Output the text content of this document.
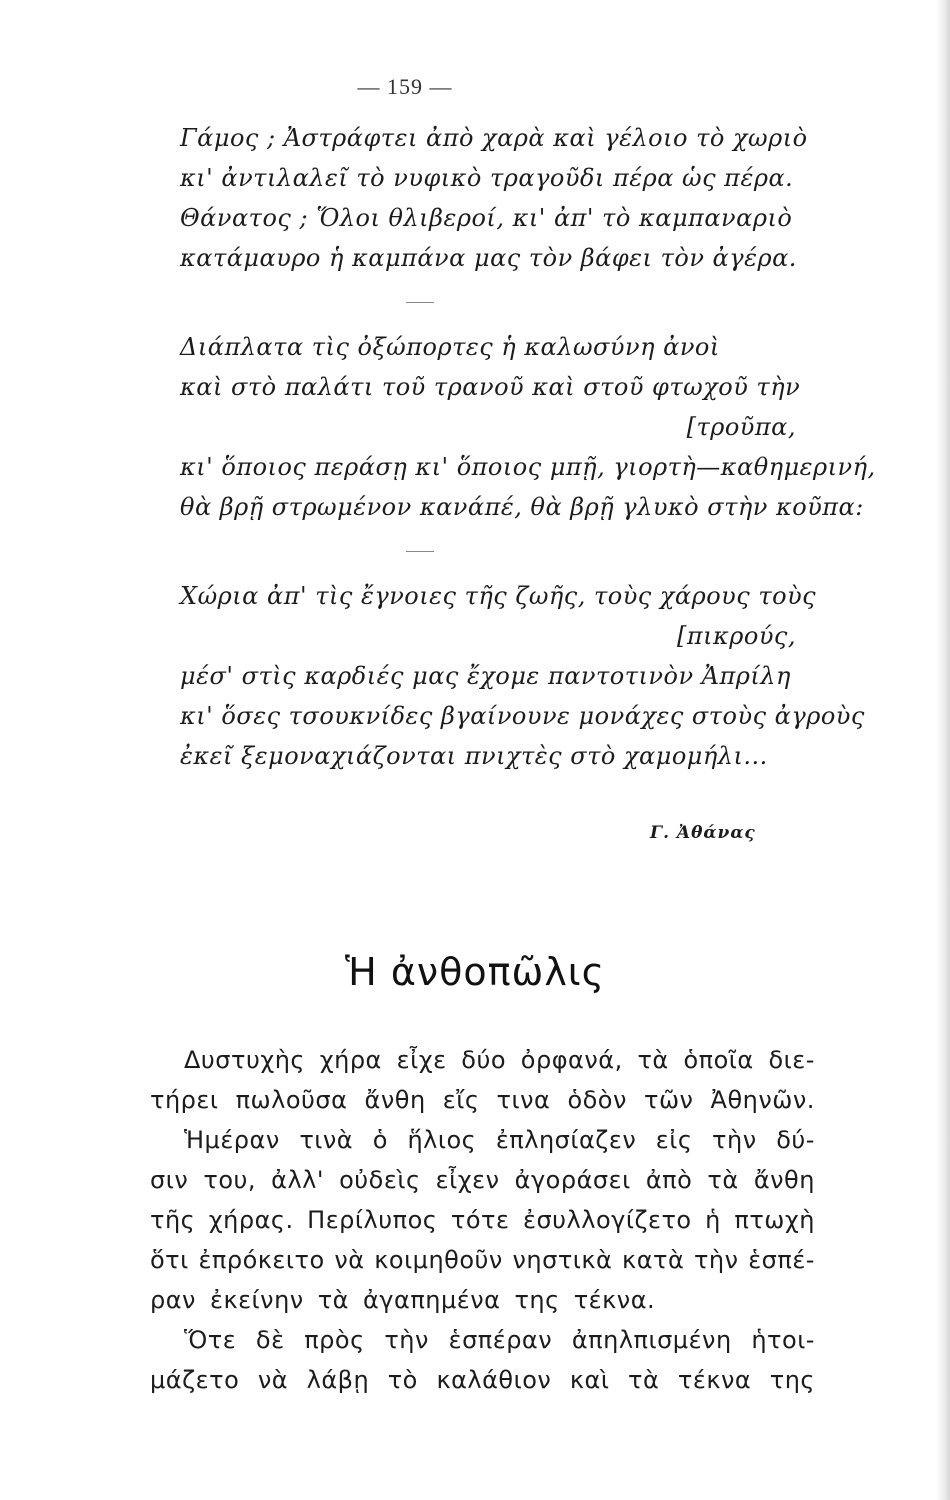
— 159 —
Γάμος ; Ἀστράφτει ἀπὸ χαρὰ καὶ γέλοιο τὸ χωριὸ
κι' ἀντιλαλεῖ τὸ νυφικὸ τραγοῦδι πέρα ὡς πέρα.
Θάνατος ; Ὅλοι θλιβεροί, κι' ἀπ' τὸ καμπαναριὸ
κατάμαυρο ἡ καμπάνα μας τὸν βάφει τὸν ἀγέρα.
Διάπλατα τὶς ὀξώπορτες ἡ καλωσύνη ἀνοὶ
καὶ στὸ παλάτι τοῦ τρανοῦ καὶ στοῦ φτωχοῦ τὴν
[τροῦπα,
κι' ὅποιος περάσῃ κι' ὅποιος μπῇ, γιορτὴ—καθημερινή,
θὰ βρῇ στρωμένον κανάπέ, θὰ βρῇ γλυκὸ στὴν κοῦπα:
Χώρια ἀπ' τὶς ἔγνοιες τῆς ζωῆς, τοὺς χάρους τοὺς
[πικρούς,
μέσ' στὶς καρδιές μας ἔχομε παντοτινὸν Ἀπρίλη
κι' ὅσες τσουκνίδες βγαίνουνε μονάχες στοὺς ἀγροὺς
ἐκεῖ ξεμοναχιάζονται πνιχτὲς στὸ χαμομήλι...
Γ. Ἀθάνας
Ἡ ἀνθοπῶλις
Δυστυχὴς χήρα εἶχε δύο ὀρφανά, τὰ ὁποῖα διε-
τήρει πωλοῦσα ἄνθη εἴς τινα ὁδὸν τῶν Ἀθηνῶν.
Ἡμέραν τινὰ ὁ ἥλιος ἐπλησίαζεν εἰς τὴν δύ-
σιν του, ἀλλ' οὐδεὶς εἶχεν ἀγοράσει ἀπὸ τὰ ἄνθη
τῆς χήρας. Περίλυπος τότε ἐσυλλογίζετο ἡ πτωχὴ
ὅτι ἐπρόκειτο νὰ κοιμηθοῦν νηστικὰ κατὰ τὴν ἑσπέ-
ραν ἐκείνην τὰ ἀγαπημένα της τέκνα.
Ὅτε δὲ πρὸς τὴν ἑσπέραν ἀπηλπισμένη ἡτοι-
μάζετο νὰ λάβῃ τὸ καλάθιον καὶ τὰ τέκνα της
